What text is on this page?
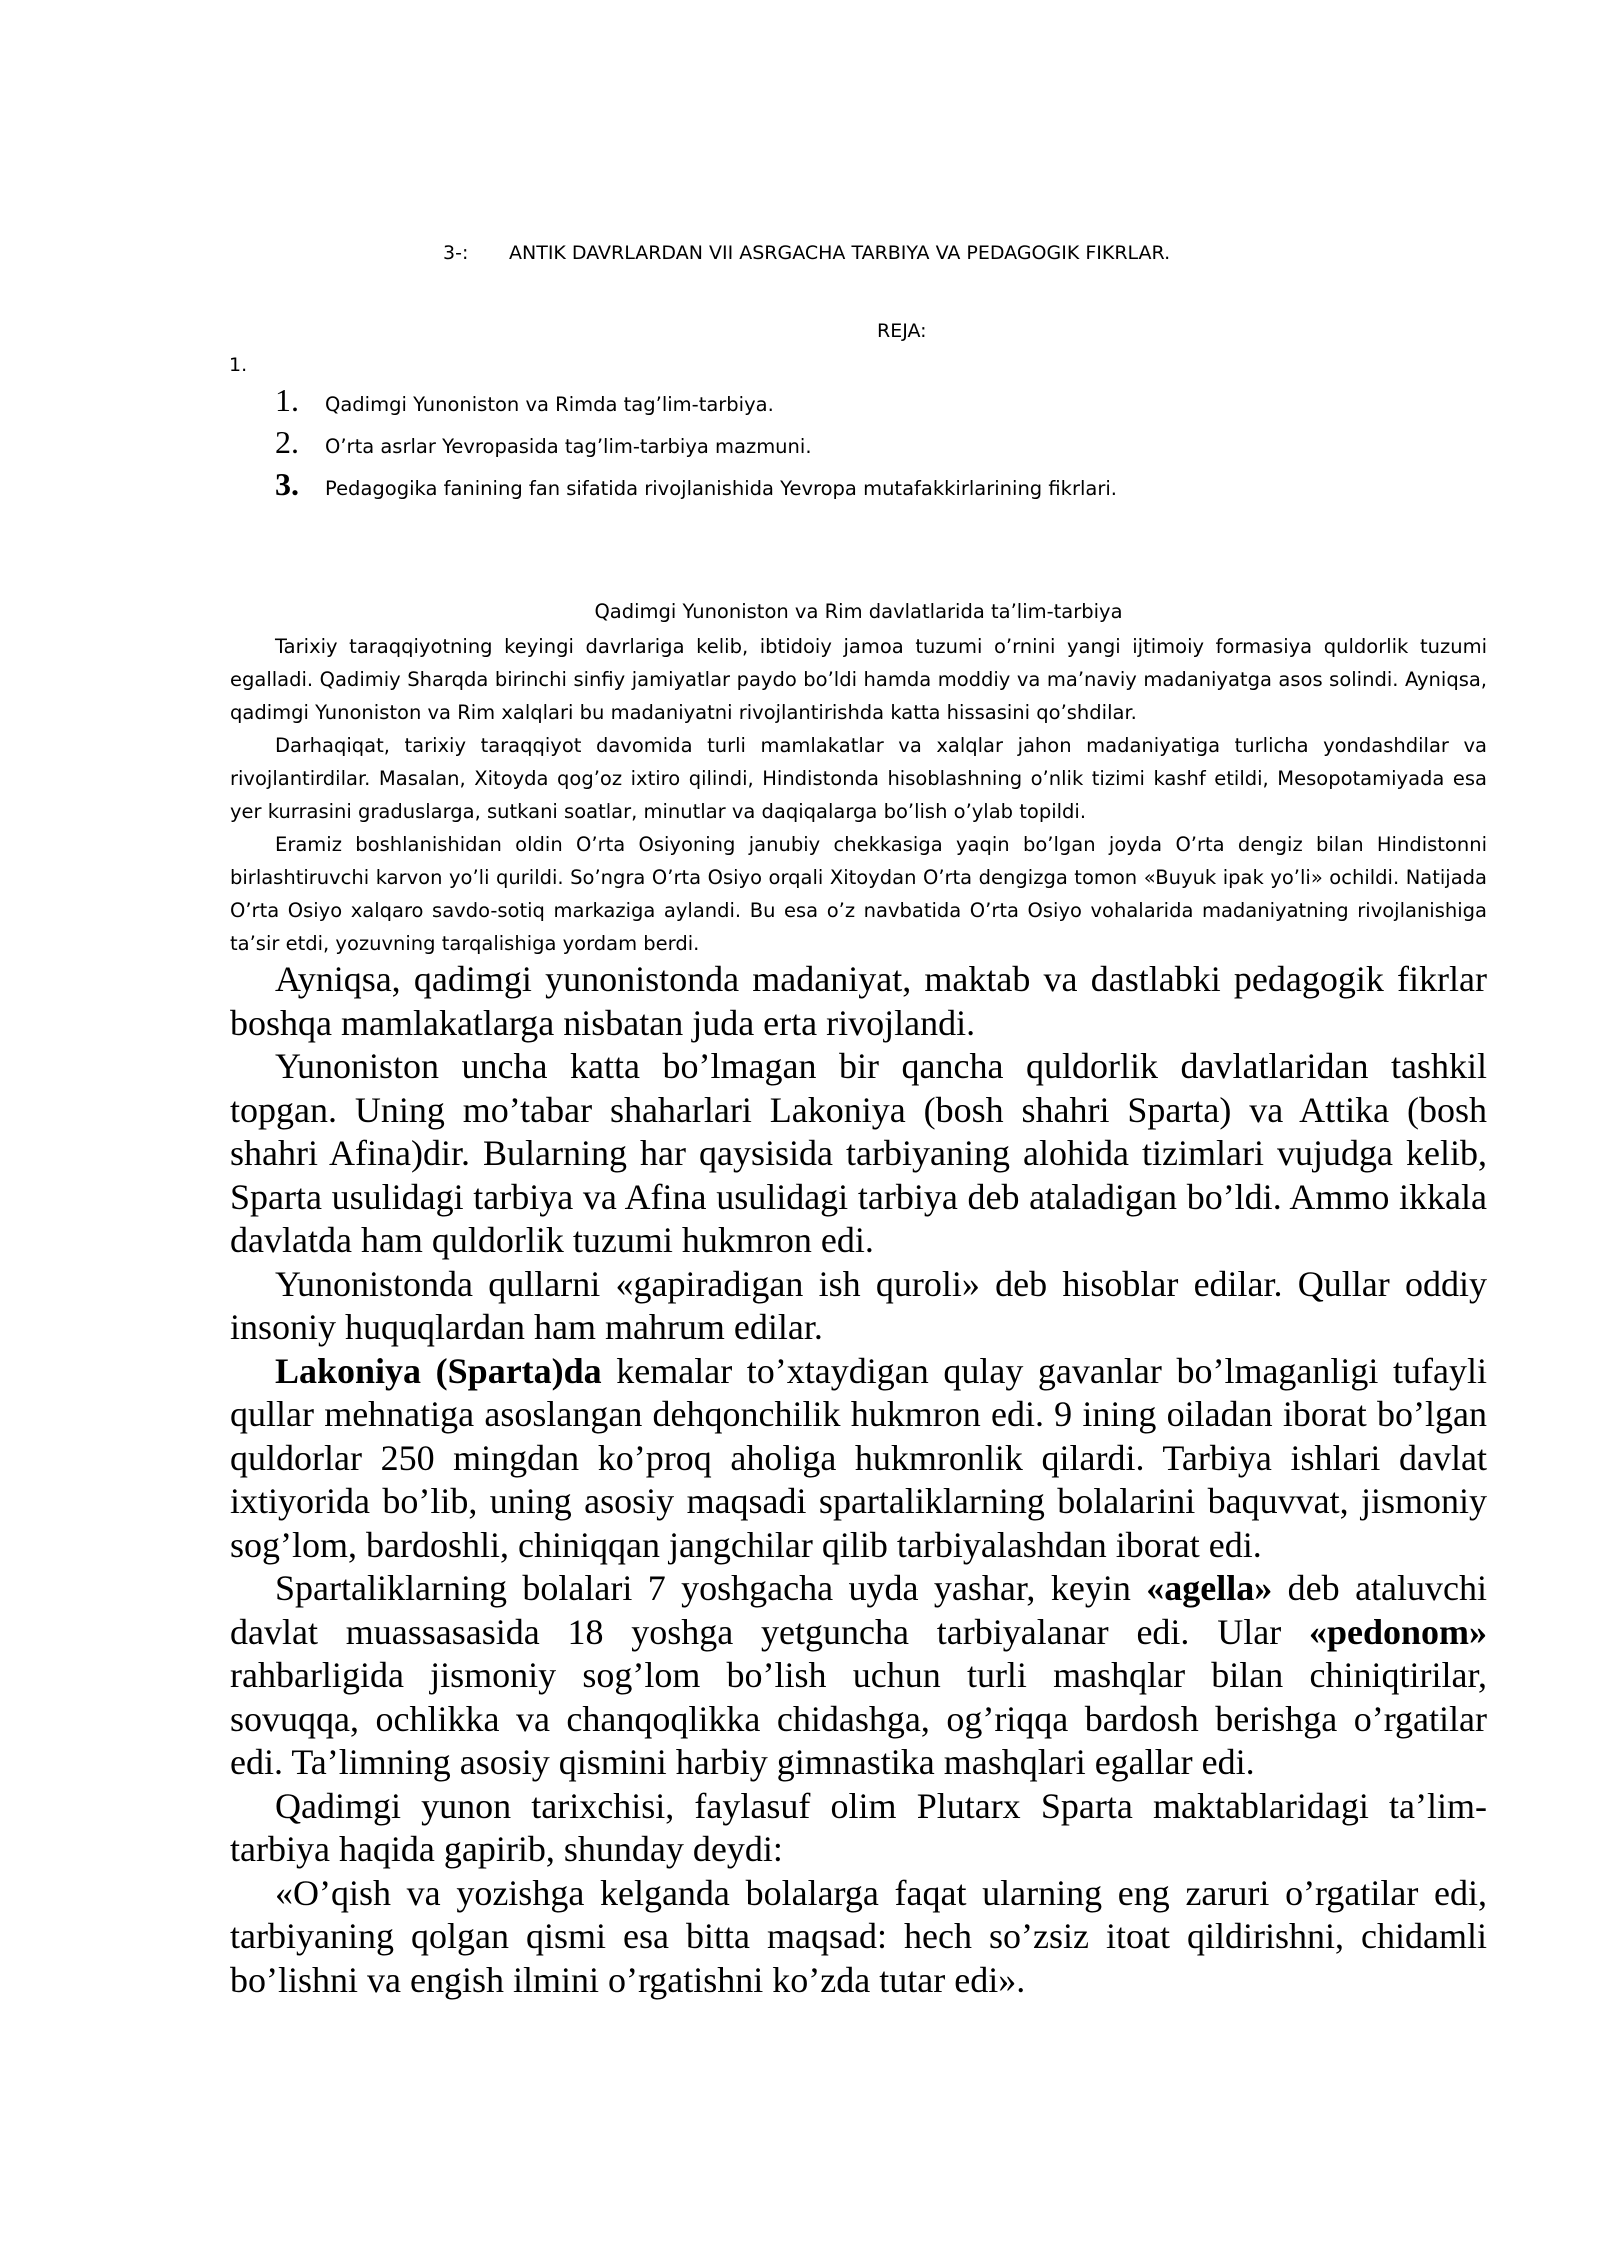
3-: ANTIK DAVRLARDAN VII ASRGACHA TARBIYA VA PEDAGOGIK FIKRLAR.
REJA:
1.
1.	Qadimgi Yunoniston va Rimda tag’lim-tarbiya.
2.	O’rta asrlar Yevropasida tag’lim-tarbiya mazmuni.
3.	Pedagogika fanining fan sifatida rivojlanishida Yevropa mutafakkirlarining fikrlari.
Qadimgi Yunoniston va Rim davlatlarida ta’lim-tarbiya

Tarixiy taraqqiyotning keyingi davrlariga kelib, ibtidoiy jamoa tuzumi o’rnini yangi ijtimoiy formasiya quldorlik tuzumi egalladi. Qadimiy Sharqda birinchi sinfiy jamiyatlar paydo bo’ldi hamda moddiy va ma’naviy madaniyatga asos solindi. Ayniqsa, qadimgi Yunoniston va Rim xalqlari bu madaniyatni rivojlantirishda katta hissasini qo’shdilar.

Darhaqiqat, tarixiy taraqqiyot davomida turli mamlakatlar va xalqlar jahon madaniyatiga turlicha yondashdilar va rivojlantirdilar. Masalan, Xitoyda qog’oz ixtiro qilindi, Hindistonda hisoblashning o’nlik tizimi kashf etildi, Mesopotamiyada esa yer kurrasini graduslarga, sutkani soatlar, minutlar va daqiqalarga bo’lish o’ylab topildi.

Eramiz boshlanishidan oldin O’rta Osiyoning janubiy chekkasiga yaqin bo’lgan joyda O’rta dengiz bilan Hindistonni birlashtiruvchi karvon yo’li qurildi. So’ngra O’rta Osiyo orqali Xitoydan O’rta dengizga tomon «Buyuk ipak yo’li» ochildi. Natijada O’rta Osiyo xalqaro savdo-sotiq markaziga aylandi. Bu esa o’z navbatida O’rta Osiyo vohalarida madaniyatning rivojlanishiga ta’sir etdi, yozuvning tarqalishiga yordam berdi.

Ayniqsa, qadimgi yunonistonda madaniyat, maktab va dastlabki pedagogik fikrlar boshqa mamlakatlarga nisbatan juda erta rivojlandi.

Yunoniston uncha katta bo’lmagan bir qancha quldorlik davlatlaridan tashkil topgan. Uning mo’tabar shaharlari Lakoniya (bosh shahri Sparta) va Attika (bosh shahri Afina)dir. Bularning har qaysisida tarbiyaning alohida tizimlari vujudga kelib, Sparta usulidagi tarbiya va Afina usulidagi tarbiya deb ataladigan bo’ldi. Ammo ikkala davlatda ham quldorlik tuzumi hukmron edi.

Yunonistonda qullarni «gapiradigan ish quroli» deb hisoblar edilar. Qullar oddiy insoniy huquqlardan ham mahrum edilar.

Lakoniya (Sparta)da kemalar to’xtaydigan qulay gavanlar bo’lmaganligi tufayli qullar mehnatiga asoslangan dehqonchilik hukmron edi. 9 ining oiladan iborat bo’lgan quldorlar 250 mingdan ko’proq aholiga hukmronlik qilardi. Tarbiya ishlari davlat ixtiyorida bo’lib, uning asosiy maqsadi spartaliklarning bolalarini baquvvat, jismoniy sog’lom, bardoshli, chiniqqan jangchilar qilib tarbiyalashdan iborat edi.

Spartaliklarning bolalari 7 yoshgacha uyda yashar, keyin «agella» deb ataluvchi davlat muassasasida 18 yoshga yetguncha tarbiyalanar edi. Ular «pedonom» rahbarligida jismoniy sog’lom bo’lish uchun turli mashqlar bilan chiniqtirilar, sovuqqa, ochlikka va chanqoqlikka chidashga, og’riqqa bardosh berishga o’rgatilar edi. Ta’limning asosiy qismini harbiy gimnastika mashqlari egallar edi.

Qadimgi yunon tarixchisi, faylasuf olim Plutarx Sparta maktablaridagi ta’lim-tarbiya haqida gapirib, shunday deydi:

«O’qish va yozishga kelganda bolalarga faqat ularning eng zaruri o’rgatilar edi, tarbiyaning qolgan qismi esa bitta maqsad: hech so’zsiz itoat qildirishni, chidamli bo’lishni va engish ilmini o’rgatishni ko’zda tutar edi».
